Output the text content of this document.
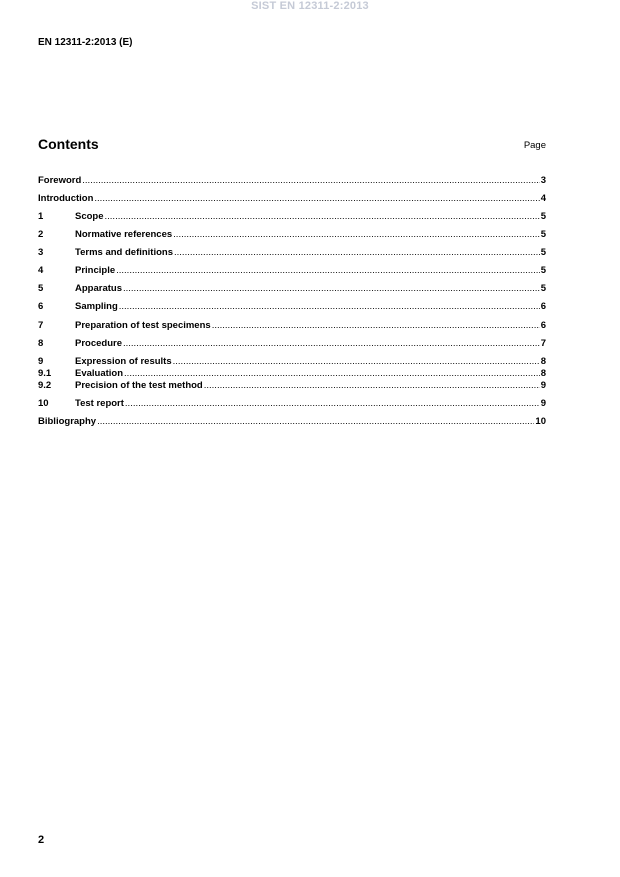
SIST EN 12311-2:2013
EN 12311-2:2013 (E)
Contents	Page
Foreword .....	3
Introduction .....	4
1	Scope .....	5
2	Normative references .....	5
3	Terms and definitions .....	5
4	Principle .....	5
5	Apparatus .....	5
6	Sampling .....	6
7	Preparation of test specimens .....	6
8	Procedure .....	7
9	Expression of results .....	8
9.1	Evaluation .....	8
9.2	Precision of the test method .....	9
10	Test report .....	9
Bibliography .....	10
2
